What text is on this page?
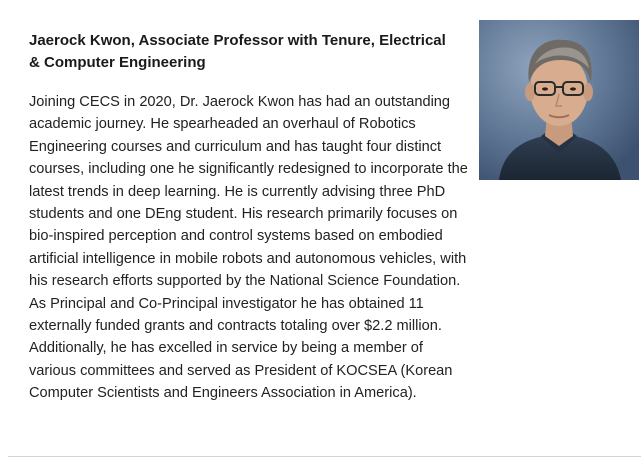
Jaerock Kwon, Associate Professor with Tenure, Electrical & Computer Engineering

Joining CECS in 2020, Dr. Jaerock Kwon has had an outstanding academic journey. He spearheaded an overhaul of Robotics Engineering courses and curriculum and has taught four distinct courses, including one he significantly redesigned to incorporate the latest trends in deep learning. He is currently advising three PhD students and one DEng student. His research primarily focuses on bio-inspired perception and control systems based on embodied artificial intelligence in mobile robots and autonomous vehicles, with his research efforts supported by the National Science Foundation. As Principal and Co-Principal investigator he has obtained 11 externally funded grants and contracts totaling over $2.2 million. Additionally, he has excelled in service by being a member of various committees and served as President of KOCSEA (Korean Computer Scientists and Engineers Association in America).
